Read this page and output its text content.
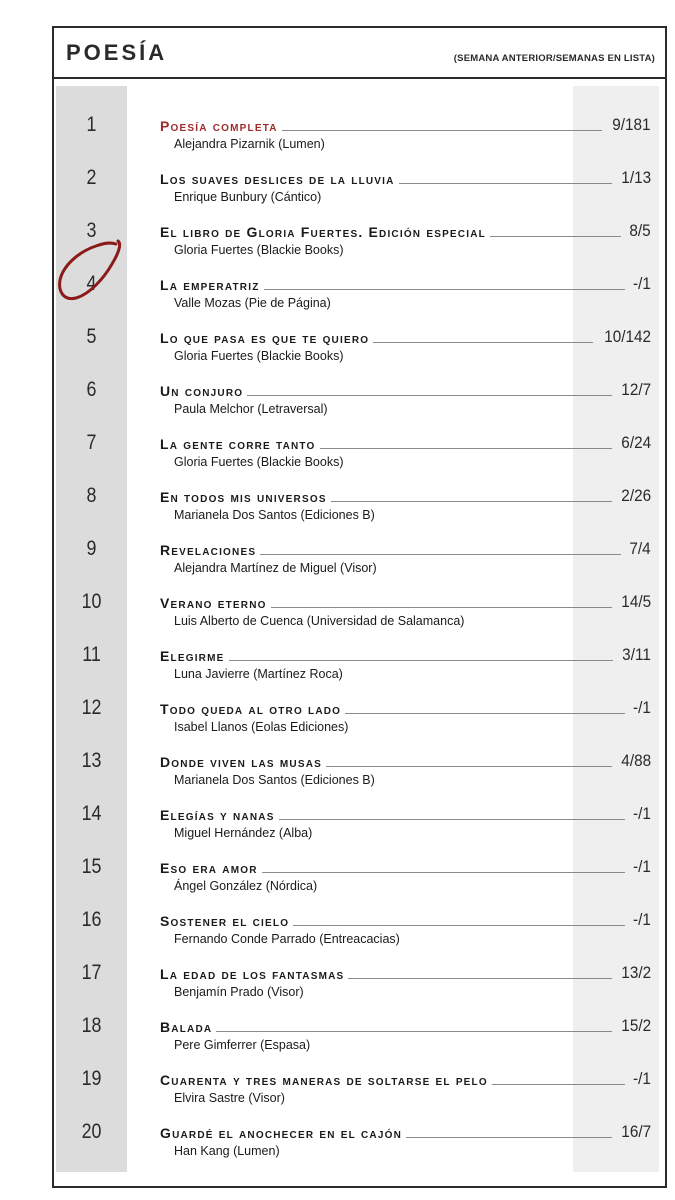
POESÍA	(SEMANA ANTERIOR/SEMANAS EN LISTA)
1	Poesía completa	9/181
Alejandra Pizarnik (Lumen)
2	Los suaves deslices de la lluvia	1/13
Enrique Bunbury (Cántico)
3	El libro de Gloria Fuertes. Edición especial	8/5
Gloria Fuertes (Blackie Books)
4	La emperatriz	-/1
Valle Mozas (Pie de Página)
5	Lo que pasa es que te quiero	10/142
Gloria Fuertes (Blackie Books)
6	Un conjuro	12/7
Paula Melchor (Letraversal)
7	La gente corre tanto	6/24
Gloria Fuertes (Blackie Books)
8	En todos mis universos	2/26
Marianela Dos Santos (Ediciones B)
9	Revelaciones	7/4
Alejandra Martínez de Miguel (Visor)
10	Verano eterno	14/5
Luis Alberto de Cuenca (Universidad de Salamanca)
11	Elegirme	3/11
Luna Javierre (Martínez Roca)
12	Todo queda al otro lado	-/1
Isabel Llanos (Eolas Ediciones)
13	Donde viven las musas	4/88
Marianela Dos Santos (Ediciones B)
14	Elegías y nanas	-/1
Miguel Hernández (Alba)
15	Eso era amor	-/1
Ángel González (Nórdica)
16	Sostener el cielo	-/1
Fernando Conde Parrado (Entreacacias)
17	La edad de los fantasmas	13/2
Benjamín Prado (Visor)
18	Balada	15/2
Pere Gimferrer (Espasa)
19	Cuarenta y tres maneras de soltarse el pelo	-/1
Elvira Sastre (Visor)
20	Guardé el anochecer en el cajón	16/7
Han Kang (Lumen)
